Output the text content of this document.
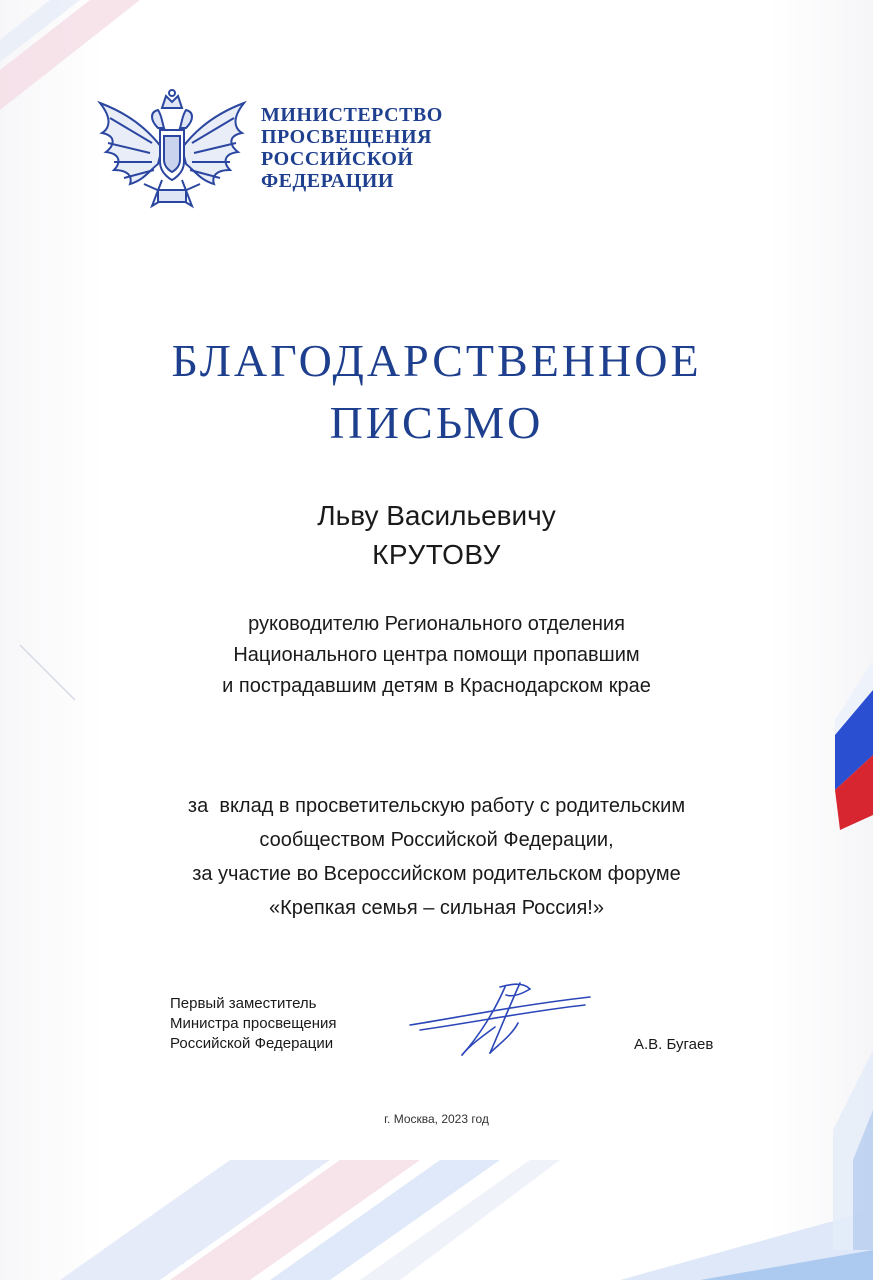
МИНИСТЕРСТВО
ПРОСВЕЩЕНИЯ
РОССИЙСКОЙ
ФЕДЕРАЦИИ
БЛАГОДАРСТВЕННОЕ
ПИСЬМО
Льву Васильевичу
КРУТОВУ
руководителю Регионального отделения
Национального центра помощи пропавшим
и пострадавшим детям в Краснодарском крае
за  вклад в просветительскую работу с родительским
сообществом Российской Федерации,
за участие во Всероссийском родительском форуме
«Крепкая семья – сильная Россия!»
Первый заместитель
Министра просвещения
Российской Федерации	А.В. Бугаев
г. Москва, 2023 год
